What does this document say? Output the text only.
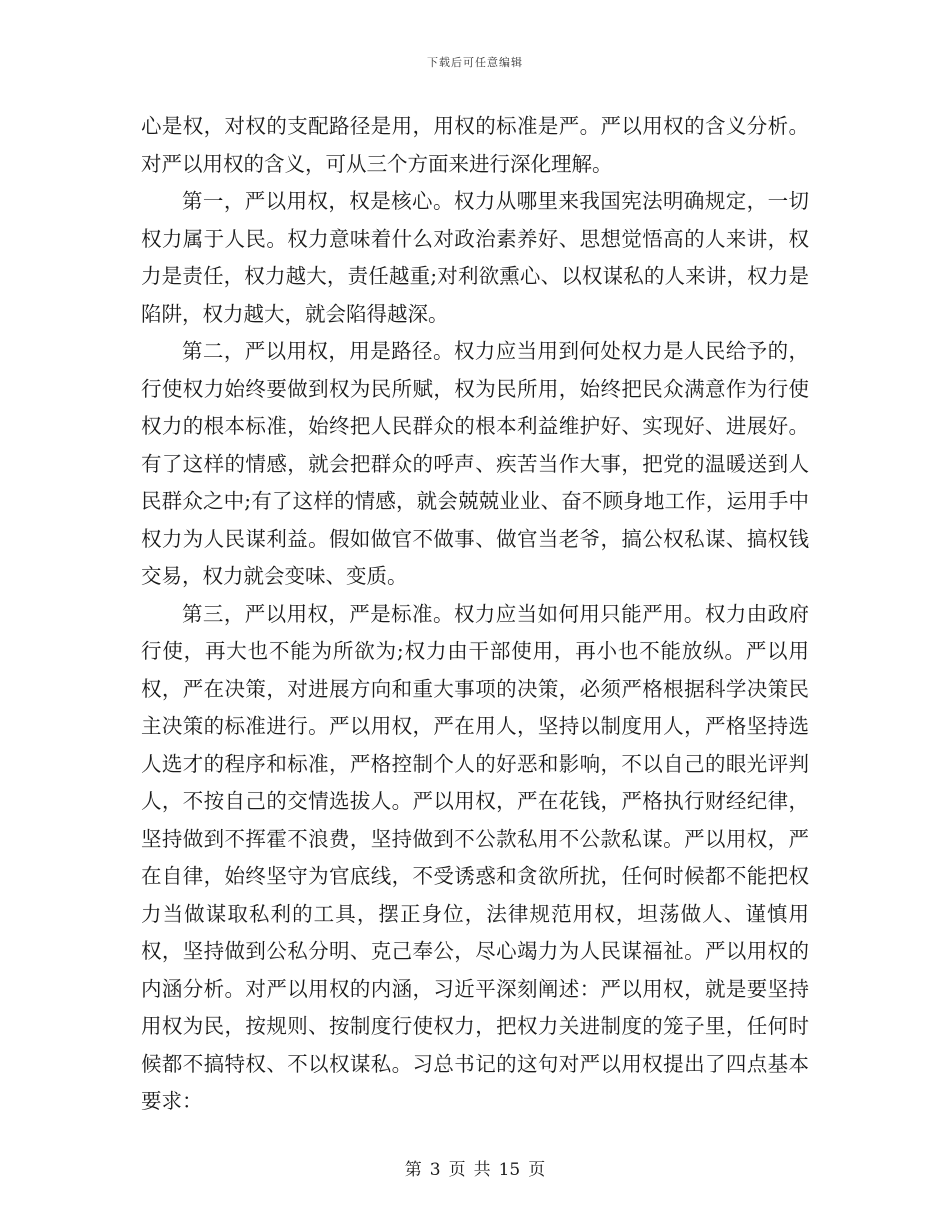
下载后可任意编辑

心是权，对权的支配路径是用，用权的标准是严。严以用权的含义分析。对严以用权的含义，可从三个方面来进行深化理解。

第一，严以用权，权是核心。权力从哪里来我国宪法明确规定，一切权力属于人民。权力意味着什么对政治素养好、思想觉悟高的人来讲，权力是责任，权力越大，责任越重;对利欲熏心、以权谋私的人来讲，权力是陷阱，权力越大，就会陷得越深。

第二，严以用权，用是路径。权力应当用到何处权力是人民给予的，行使权力始终要做到权为民所赋，权为民所用，始终把民众满意作为行使权力的根本标准，始终把人民群众的根本利益维护好、实现好、进展好。有了这样的情感，就会把群众的呼声、疾苦当作大事，把党的温暖送到人民群众之中;有了这样的情感，就会兢兢业业、奋不顾身地工作，运用手中权力为人民谋利益。假如做官不做事、做官当老爷，搞公权私谋、搞权钱交易，权力就会变味、变质。

第三，严以用权，严是标准。权力应当如何用只能严用。权力由政府行使，再大也不能为所欲为;权力由干部使用，再小也不能放纵。严以用权，严在决策，对进展方向和重大事项的决策，必须严格根据科学决策民主决策的标准进行。严以用权，严在用人，坚持以制度用人，严格坚持选人选才的程序和标准，严格控制个人的好恶和影响，不以自己的眼光评判人，不按自己的交情选拔人。严以用权，严在花钱，严格执行财经纪律，坚持做到不挥霍不浪费，坚持做到不公款私用不公款私谋。严以用权，严在自律，始终坚守为官底线，不受诱惑和贪欲所扰，任何时候都不能把权力当做谋取私利的工具，摆正身位，法律规范用权，坦荡做人、谨慎用权，坚持做到公私分明、克己奉公，尽心竭力为人民谋福祉。严以用权的内涵分析。对严以用权的内涵，习近平深刻阐述：严以用权，就是要坚持用权为民，按规则、按制度行使权力，把权力关进制度的笼子里，任何时候都不搞特权、不以权谋私。习总书记的这句对严以用权提出了四点基本要求：

第 3 页 共 15 页
